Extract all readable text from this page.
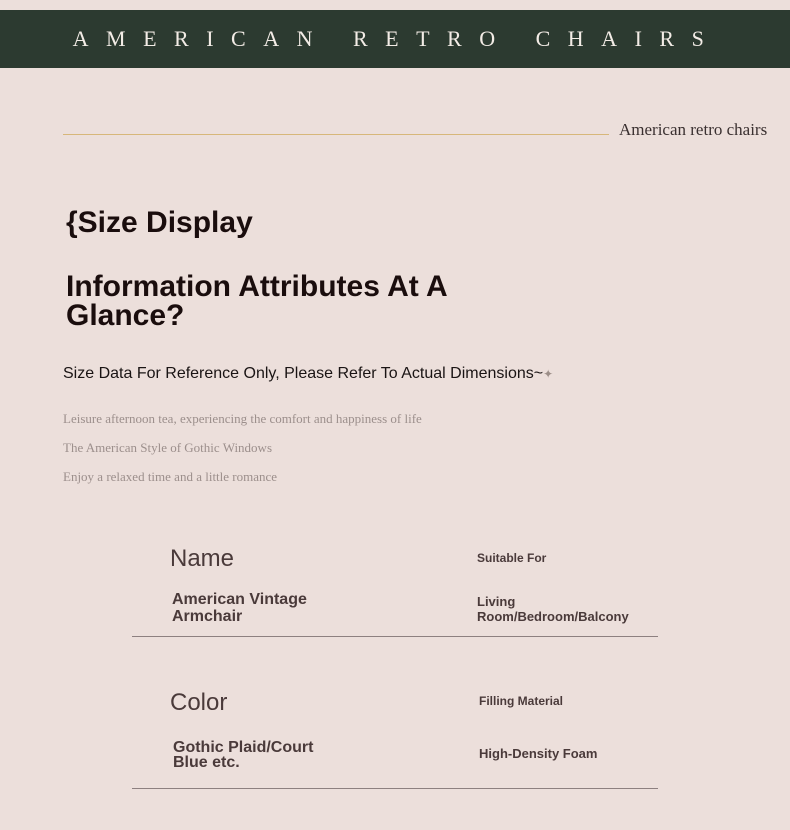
AMERICAN RETRO CHAIRS
American retro chairs
{Size Display
Information Attributes At A
Glance?
Size Data For Reference Only, Please Refer To Actual Dimensions~✦
Leisure afternoon tea, experiencing the comfort and happiness of life
The American Style of Gothic Windows
Enjoy a relaxed time and a little romance
Name
American Vintage Armchair
Suitable For
Living Room/Bedroom/Balcony
Color
Gothic Plaid/Court Blue etc.
Filling Material
High-Density Foam
